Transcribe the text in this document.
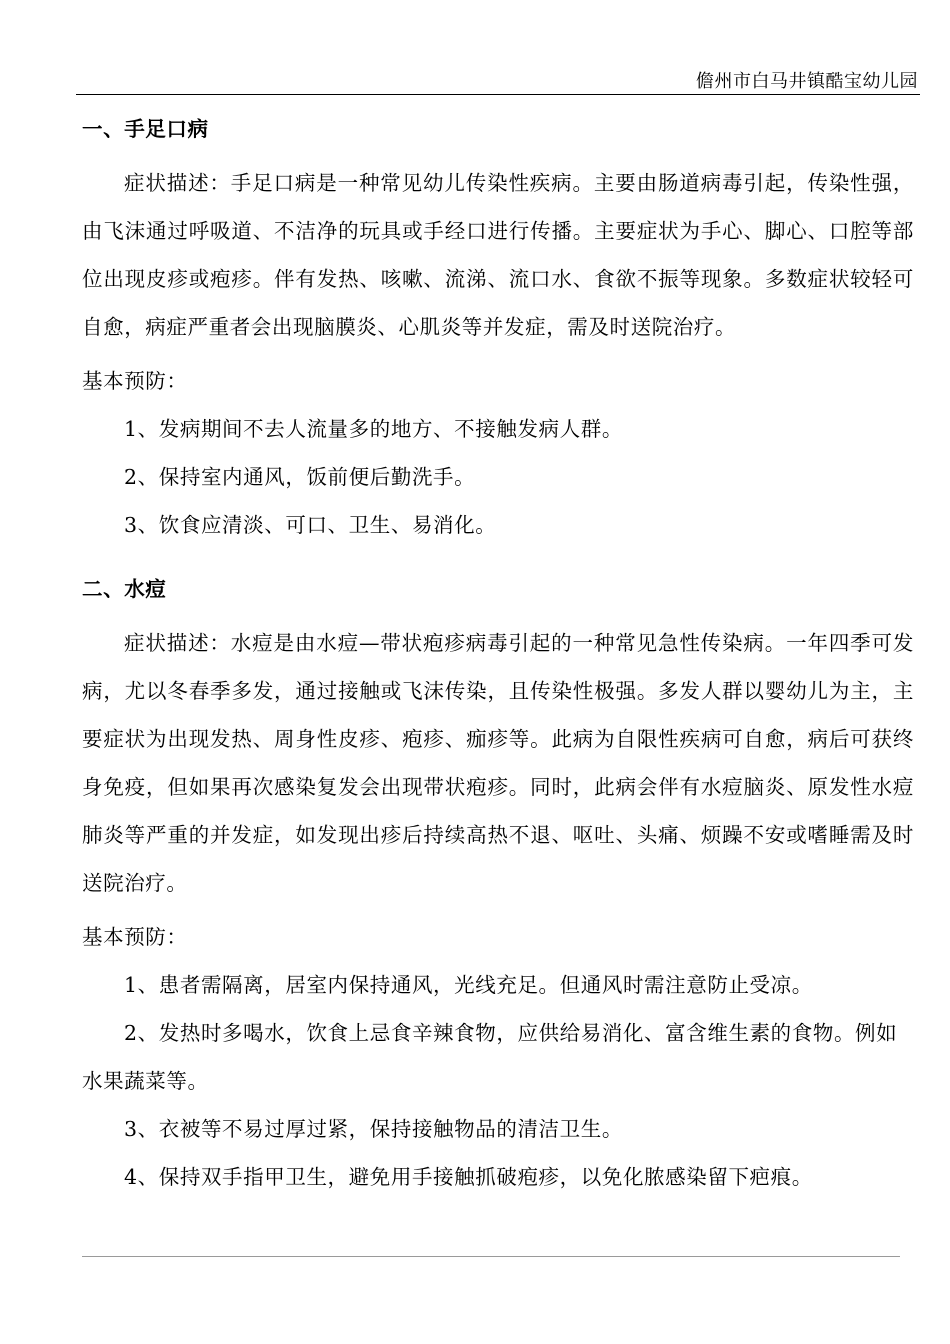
儋州市白马井镇酷宝幼儿园
一、手足口病

症状描述：手足口病是一种常见幼儿传染性疾病。主要由肠道病毒引起，传染性强，由飞沫通过呼吸道、不洁净的玩具或手经口进行传播。主要症状为手心、脚心、口腔等部位出现皮疹或疱疹。伴有发热、咳嗽、流涕、流口水、食欲不振等现象。多数症状较轻可自愈，病症严重者会出现脑膜炎、心肌炎等并发症，需及时送院治疗。

基本预防：

1、发病期间不去人流量多的地方、不接触发病人群。

2、保持室内通风，饭前便后勤洗手。

3、饮食应清淡、可口、卫生、易消化。

二、水痘

症状描述：水痘是由水痘—带状疱疹病毒引起的一种常见急性传染病。一年四季可发病，尤以冬春季多发，通过接触或飞沫传染，且传染性极强。多发人群以婴幼儿为主，主要症状为出现发热、周身性皮疹、疱疹、痂疹等。此病为自限性疾病可自愈，病后可获终身免疫，但如果再次感染复发会出现带状疱疹。同时，此病会伴有水痘脑炎、原发性水痘肺炎等严重的并发症，如发现出疹后持续高热不退、呕吐、头痛、烦躁不安或嗜睡需及时送院治疗。

基本预防：

1、患者需隔离，居室内保持通风，光线充足。但通风时需注意防止受凉。

2、发热时多喝水，饮食上忌食辛辣食物，应供给易消化、富含维生素的食物。例如水果蔬菜等。

3、衣被等不易过厚过紧，保持接触物品的清洁卫生。

4、保持双手指甲卫生，避免用手接触抓破疱疹，以免化脓感染留下疤痕。
